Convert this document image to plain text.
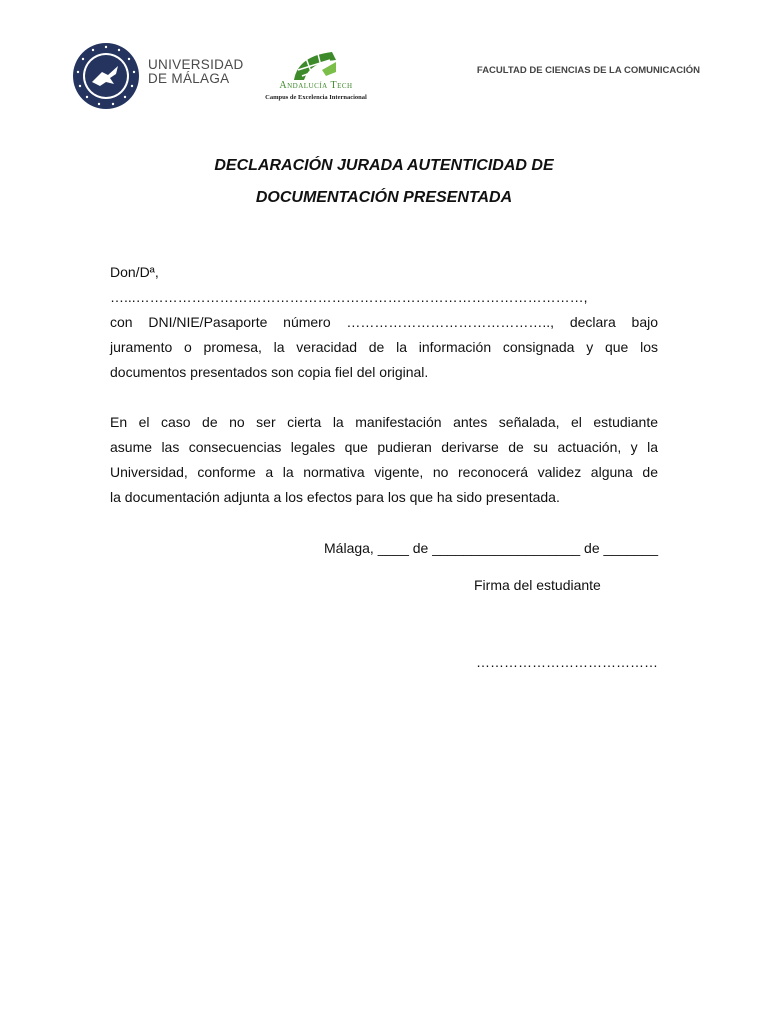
UNIVERSIDAD
DE MÁLAGA	Andalucía Tech
Campus de Excelencia Internacional
FACULTAD DE CIENCIAS DE LA COMUNICACIÓN
DECLARACIÓN JURADA AUTENTICIDAD DE
DOCUMENTACIÓN PRESENTADA
Don/Dª,
…...……………………………………………………………………………………,
con DNI/NIE/Pasaporte número …………………………………….., declara bajo
juramento o promesa, la veracidad de la información consignada y que los
documentos presentados son copia fiel del original.
En el caso de no ser cierta la manifestación antes señalada, el estudiante
asume las consecuencias legales que pudieran derivarse de su actuación, y la
Universidad, conforme a la normativa vigente, no reconocerá validez alguna de
la documentación adjunta a los efectos para los que ha sido presentada.
Málaga, ____ de ___________________ de _______
Firma del estudiante
…………………………………
